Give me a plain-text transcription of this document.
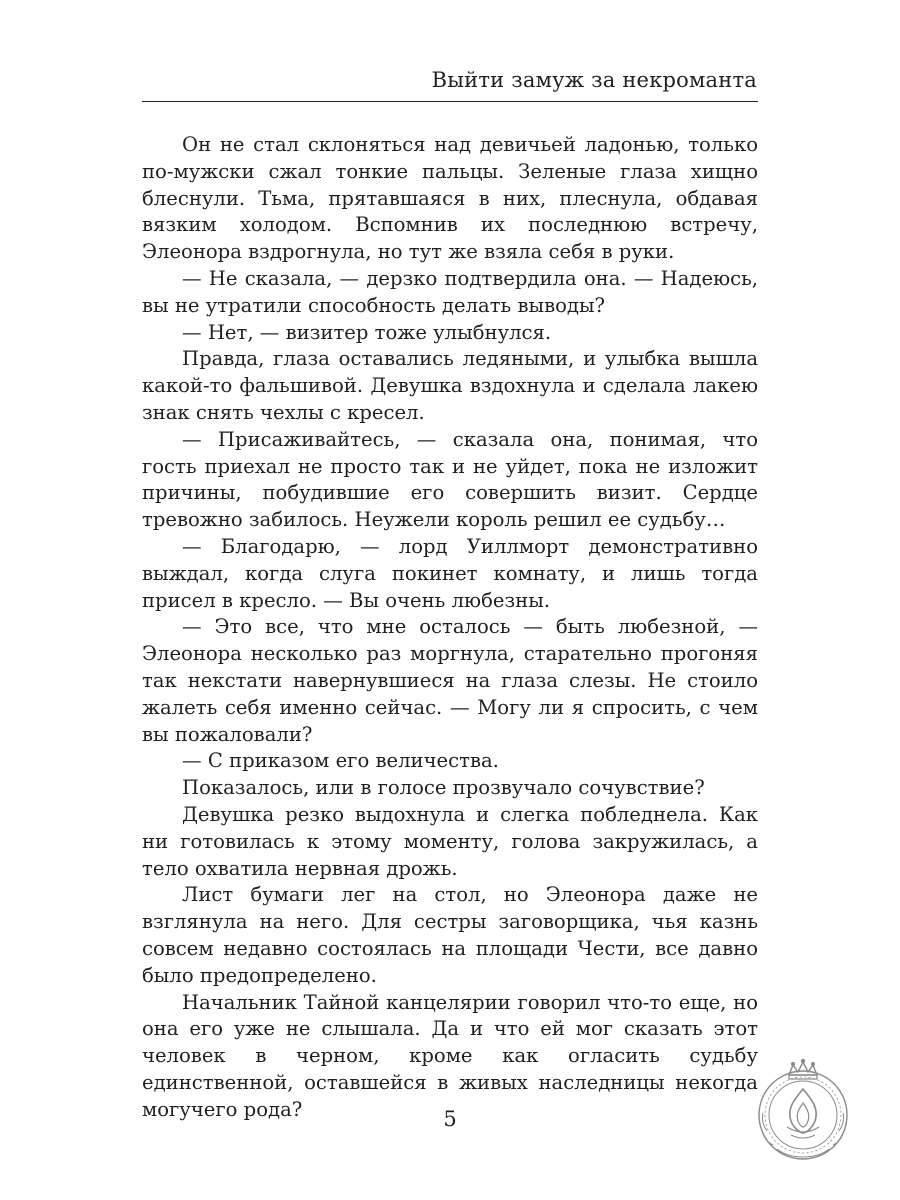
Выйти замуж за некроманта

Он не стал склоняться над девичьей ладонью, только по-мужски сжал тонкие пальцы. Зеленые глаза хищно блеснули. Тьма, прятавшаяся в них, плеснула, обдавая вязким холодом. Вспомнив их последнюю встречу, Элеонора вздрогнула, но тут же взяла себя в руки.

— Не сказала, — дерзко подтвердила она. — Надеюсь, вы не утратили способность делать выводы?

— Нет, — визитер тоже улыбнулся.

Правда, глаза оставались ледяными, и улыбка вышла какой-то фальшивой. Девушка вздохнула и сделала лакею знак снять чехлы с кресел.

— Присаживайтесь, — сказала она, понимая, что гость приехал не просто так и не уйдет, пока не изложит причины, побудившие его совершить визит. Сердце тревожно забилось. Неужели король решил ее судьбу…

— Благодарю, — лорд Уиллморт демонстративно выждал, когда слуга покинет комнату, и лишь тогда присел в кресло. — Вы очень любезны.

— Это все, что мне осталось — быть любезной, — Элеонора несколько раз моргнула, старательно прогоняя так некстати навернувшиеся на глаза слезы. Не стоило жалеть себя именно сейчас. — Могу ли я спросить, с чем вы пожаловали?

— С приказом его величества.

Показалось, или в голосе прозвучало сочувствие?

Девушка резко выдохнула и слегка побледнела. Как ни готовилась к этому моменту, голова закружилась, а тело охватила нервная дрожь.

Лист бумаги лег на стол, но Элеонора даже не взглянула на него. Для сестры заговорщика, чья казнь совсем недавно состоялась на площади Чести, все давно было предопределено.

Начальник Тайной канцелярии говорил что-то еще, но она его уже не слышала. Да и что ей мог сказать этот человек в черном, кроме как огласить судьбу единственной, оставшейся в живых наследницы некогда могучего рода?	5
